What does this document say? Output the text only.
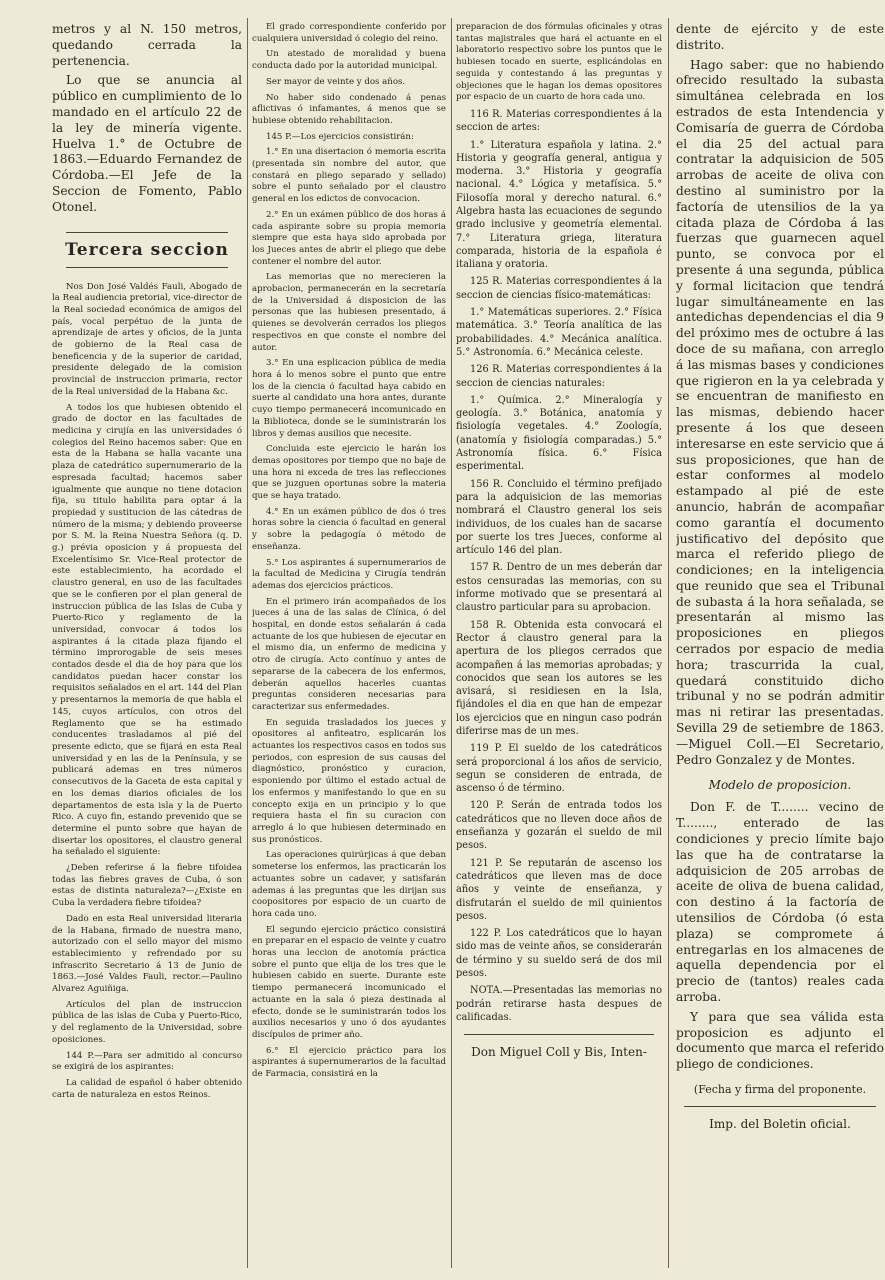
metros y al N. 150 metros, quedando cerrada la pertenencia.

Lo que se anuncia al público en cumplimiento de lo mandado en el artículo 22 de la ley de minería vigente. Huelva 1.° de Octubre de 1863.—Eduardo Fernandez de Córdoba.—El Jefe de la Seccion de Fomento, Pablo Otonel.

Tercera seccion

Nos Don José Valdés Fauli, Abogado de la Real audiencia pretorial, vice-director de la Real sociedad económica de amigos del país, vocal perpétuo de la junta de aprendizaje de artes y oficios, de la junta de gobierno de la Real casa de beneficencia y de la superior de caridad, presidente delegado de la comision provincial de instruccion primaria, rector de la Real universidad de la Habana &c.

A todos los que hubiesen obtenido el grado de doctor en las facultades de medicina y cirujía en las universidades ó colegios del Reino hacemos saber: Que en esta de la Habana se halla vacante una plaza de catedrático supernumerario de la espresada facultad; hacemos saber igualmente que aunque no tiene dotacion fija, su titulo habilita para optar á la propiedad y sustitucion de las cátedras de número de la misma; y debiendo proveerse por S. M. la Reina Nuestra Señora (q. D. g.) prévia oposicion y á propuesta del Excelentísimo Sr. Vice-Real protector de este establecimiento, ha acordado el claustro general, en uso de las facultades que se le confieren por el plan general de instruccion pública de las Islas de Cuba y Puerto-Rico y reglamento de la universidad, convocar á todos los aspirantes á la citada plaza fijando el término improrogable de seis meses contados desde el dia de hoy para que los candidatos puedan hacer constar los requisitos señalados en el art. 144 del Plan y presentarnos la memoria de que habla el 145, cuyos artículos, con otros del Reglamento que se ha estimado conducentes trasladamos al pié del presente edicto, que se fijará en esta Real universidad y en las de la Península, y se publicará ademas en tres números consecutivos de la Gaceta de esta capital y en los demas diarios oficiales de los departamentos de esta isla y la de Puerto Rico. A cuyo fin, estando prevenido que se determine el punto sobre que hayan de disertar los opositores, el claustro general ha señalado el siguiente:

¿Deben referirse á la fiebre tifoidea todas las fiebres graves de Cuba, ó son estas de distinta naturaleza?—¿Existe en Cuba la verdadera fiebre tifoidea?

Dado en esta Real universidad literaria de la Habana, firmado de nuestra mano, autorizado con el sello mayor del mismo establecimiento y refrendado por su infrascrito Secretario á 13 de Junio de 1863.—José Valdes Fauli, rector.—Paulino Alvarez Aguiñiga.

Artículos del plan de instruccion pública de las islas de Cuba y Puerto-Rico, y del reglamento de la Universidad, sobre oposiciones.

144 P.—Para ser admitido al concurso se exigirá de los aspirantes:

La calidad de español ó haber obtenido carta de naturaleza en estos Reinos.

El grado correspondiente conferido por cualquiera universidad ó colegio del reino.

Un atestado de moralidad y buena conducta dado por la autoridad municipal.

Ser mayor de veinte y dos años.

No haber sido condenado á penas aflictivas ó infamantes, á menos que se hubiese obtenido rehabilitacion.

145 P.—Los ejercicios consistirán:

1.° En una disertacion ó memoria escrita (presentada sin nombre del autor, que constará en pliego separado y sellado) sobre el punto señalado por el claustro general en los edictos de convocacion.

2.° En un exámen público de dos horas á cada aspirante sobre su propia memoria siempre que esta haya sido aprobada por los Jueces antes de abrir el pliego que debe contener el nombre del autor.

Las memorias que no merecieren la aprobacion, permanecerán en la secretaría de la Universidad á disposicion de las personas que las hubiesen presentado, á quienes se devolverán cerrados los pliegos respectivos en que conste el nombre del autor.

3.° En una esplicacion pública de media hora á lo menos sobre el punto que entre los de la ciencia ó facultad haya cabido en suerte al candidato una hora antes, durante cuyo tiempo permanecerá incomunicado en la Biblioteca, donde se le suministrarán los libros y demas ausilios que necesite.

Concluida este ejercicio le harán los demas opositores por tiempo que no baje de una hora ni exceda de tres las reflecciones que se juzguen oportunas sobre la materia que se haya tratado.

4.° En un exámen público de dos ó tres horas sobre la ciencia ó facultad en general y sobre la pedagogía ó método de enseñanza.

5.° Los aspirantes á supernumerarios de la facultad de Medicina y Cirugía tendrán ademas dos ejercicios prácticos.

En el primero irán acompañados de los jueces á una de las salas de Clínica, ó del hospital, en donde estos señalarán á cada actuante de los que hubiesen de ejecutar en el mismo dia, un enfermo de medicina y otro de cirugía. Acto contínuo y antes de separarse de la cabecera de los enfermos, deberán aquellos hacerles cuantas preguntas consideren necesarias para caracterizar sus enfermedades.

En seguida trasladados los jueces y opositores al anfiteatro, esplicarán los actuantes los respectivos casos en todos sus periodos, con espresion de sus causas del diagnóstico, pronóstico y curacion, esponiendo por último el estado actual de los enfermos y manifestando lo que en su concepto exija en un principio y lo que requiera hasta el fin su curacion con arreglo á lo que hubiesen determinado en sus pronósticos.

Las operaciones quirúrjicas á que deban someterse los enfermos, las practicarán los actuantes sobre un cadaver, y satisfarán ademas á las preguntas que les dirijan sus coopositores por espacio de un cuarto de hora cada uno.

El segundo ejercicio práctico consistirá en preparar en el espacio de veinte y cuatro horas una leccion de anotomía práctica sobre el punto que elija de los tres que le hubiesen cabido en suerte. Durante este tiempo permanecerá incomunicado el actuante en la sala ó pieza destinada al efecto, donde se le suministrarán todos los auxilios necesarios y uno ó dos ayudantes discípulos de primer año.

6.° El ejercicio práctico para los aspirantes á supernumerarios de la facultad de Farmacia, consistirá en la

preparacion de dos fórmulas oficinales y otras tantas majistrales que hará el actuante en el laboratorio respectivo sobre los puntos que le hubiesen tocado en suerte, esplicándolas en seguida y contestando á las preguntas y objeciones que le hagan los demas opositores por espacio de un cuarto de hora cada uno.

116 R. Materias correspondientes á la seccion de artes:

1.° Literatura española y latina. 2.° Historia y geografía general, antigua y moderna. 3.° Historia y geografía nacional. 4.° Lógica y metafísica. 5.° Filosofía moral y derecho natural. 6.° Algebra hasta las ecuaciones de segundo grado inclusive y geometría elemental. 7.° Literatura griega, literatura comparada, historia de la española é italiana y oratoria.

125 R. Materias correspondientes á la seccion de ciencias físico-matemáticas:

1.° Matemáticas superiores. 2.° Física matemática. 3.° Teoría analítica de las probabilidades. 4.° Mecánica analítica. 5.° Astronomía. 6.° Mecánica celeste.

126 R. Materias correspondientes á la seccion de ciencias naturales:

1.° Química. 2.° Mineralogía y geología. 3.° Botánica, anatomía y fisiología vegetales. 4.° Zoología, (anatomía y fisiología comparadas.) 5.° Astronomía física. 6.° Física esperimental.

156 R. Concluido el término prefijado para la adquisicion de las memorias nombrará el Claustro general los seis individuos, de los cuales han de sacarse por suerte los tres Jueces, conforme al artículo 146 del plan.

157 R. Dentro de un mes deberán dar estos censuradas las memorias, con su informe motivado que se presentará al claustro particular para su aprobacion.

158 R. Obtenida esta convocará el Rector á claustro general para la apertura de los pliegos cerrados que acompañen á las memorias aprobadas; y conocidos que sean los autores se les avisará, si residiesen en la Isla, fijándoles el dia en que han de empezar los ejercicios que en ningun caso podrán diferirse mas de un mes.

119 P. El sueldo de los catedráticos será proporcional á los años de servicio, segun se consideren de entrada, de ascenso ó de término.

120 P. Serán de entrada todos los catedráticos que no lleven doce años de enseñanza y gozarán el sueldo de mil pesos.

121 P. Se reputarán de ascenso los catedráticos que lleven mas de doce años y veinte de enseñanza, y disfrutarán el sueldo de mil quinientos pesos.

122 P. Los catedráticos que lo hayan sido mas de veinte años, se considerarán de término y su sueldo será de dos mil pesos.

NOTA.—Presentadas las memorias no podrán retirarse hasta despues de calificadas.

Don Miguel Coll y Bis, Inten-

dente de ejército y de este distrito.

Hago saber: que no habiendo ofrecido resultado la subasta simultánea celebrada en los estrados de esta Intendencia y Comisaría de guerra de Córdoba el dia 25 del actual para contratar la adquisicion de 505 arrobas de aceite de oliva con destino al suministro por la factoría de utensilios de la ya citada plaza de Córdoba á las fuerzas que guarnecen aquel punto, se convoca por el presente á una segunda, pública y formal licitacion que tendrá lugar simultáneamente en las antedichas dependencias el dia 9 del próximo mes de octubre á las doce de su mañana, con arreglo á las mismas bases y condiciones que rigieron en la ya celebrada y se encuentran de manifiesto en las mismas, debiendo hacer presente á los que deseen interesarse en este servicio que á sus proposiciones, que han de estar conformes al modelo estampado al pié de este anuncio, habrán de acompañar como garantía el documento justificativo del depósito que marca el referido pliego de condiciones; en la inteligencia que reunido que sea el Tribunal de subasta á la hora señalada, se presentarán al mismo las proposiciones en pliegos cerrados por espacio de media hora; trascurrida la cual, quedará constituido dicho tribunal y no se podrán admitir mas ni retirar las presentadas. Sevilla 29 de setiembre de 1863.—Miguel Coll.—El Secretario, Pedro Gonzalez y de Montes.

Modelo de proposicion.

Don F. de T........ vecino de T........, enterado de las condiciones y precio límite bajo las que ha de contratarse la adquisicion de 205 arrobas de aceite de oliva de buena calidad, con destino á la factoría de utensilios de Córdoba (ó esta plaza) se compromete á entregarlas en los almacenes de aquella dependencia por el precio de (tantos) reales cada arroba.

Y para que sea válida esta proposicion es adjunto el documento que marca el referido pliego de condiciones.

(Fecha y firma del proponente.
Imp. del Boletin oficial.
